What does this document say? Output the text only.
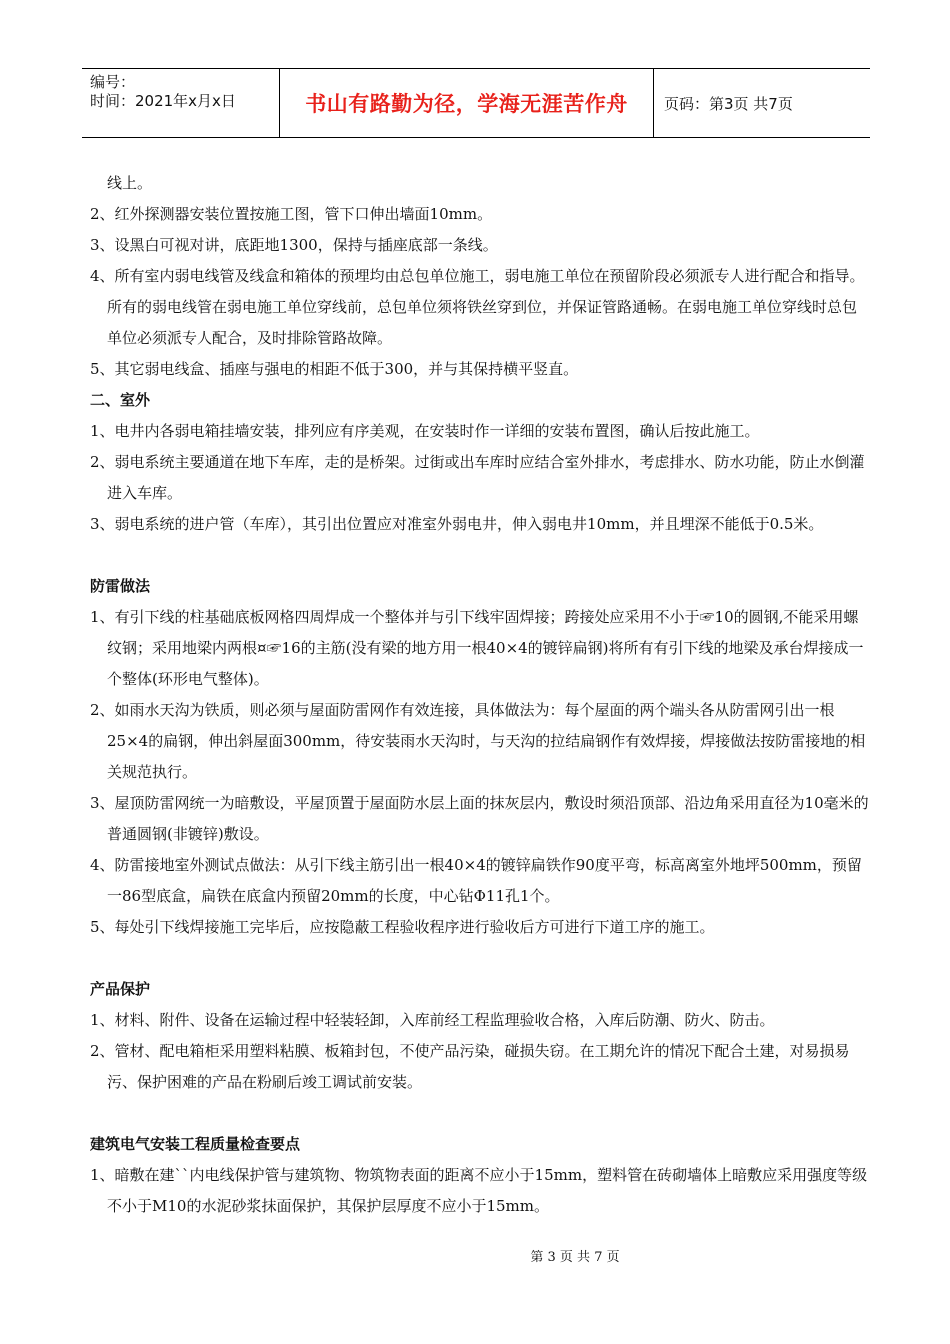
编号：
时间：2021年x月x日	书山有路勤为径，学海无涯苦作舟	页码：第3页 共7页
线上。
2、红外探测器安装位置按施工图，管下口伸出墙面10mm。
3、设黑白可视对讲，底距地1300，保持与插座底部一条线。
4、所有室内弱电线管及线盒和箱体的预埋均由总包单位施工，弱电施工单位在预留阶段必须派专人进行配合和指导。所有的弱电线管在弱电施工单位穿线前，总包单位须将铁丝穿到位，并保证管路通畅。在弱电施工单位穿线时总包单位必须派专人配合，及时排除管路故障。
5、其它弱电线盒、插座与强电的相距不低于300，并与其保持横平竖直。
二、室外
1、电井内各弱电箱挂墙安装，排列应有序美观，在安装时作一详细的安装布置图，确认后按此施工。
2、弱电系统主要通道在地下车库，走的是桥架。过街或出车库时应结合室外排水，考虑排水、防水功能，防止水倒灌进入车库。
3、弱电系统的进户管（车库），其引出位置应对准室外弱电井，伸入弱电井10mm，并且埋深不能低于0.5米。
防雷做法
1、有引下线的柱基础底板网格四周焊成一个整体并与引下线牢固焊接；跨接处应采用不小于☞10的圆钢,不能采用螺纹钢；采用地梁内两根¤☞16的主筋(没有梁的地方用一根40×4的镀锌扁钢)将所有有引下线的地梁及承台焊接成一个整体(环形电气整体)。
2、如雨水天沟为铁质，则必须与屋面防雷网作有效连接，具体做法为：每个屋面的两个端头各从防雷网引出一根25×4的扁钢，伸出斜屋面300mm，待安装雨水天沟时，与天沟的拉结扁钢作有效焊接，焊接做法按防雷接地的相关规范执行。
3、屋顶防雷网统一为暗敷设，平屋顶置于屋面防水层上面的抹灰层内，敷设时须沿顶部、沿边角采用直径为10毫米的普通圆钢(非镀锌)敷设。
4、防雷接地室外测试点做法：从引下线主筋引出一根40×4的镀锌扁铁作90度平弯，标高离室外地坪500mm，预留一86型底盒，扁铁在底盒内预留20mm的长度，中心钻Φ11孔1个。
5、每处引下线焊接施工完毕后，应按隐蔽工程验收程序进行验收后方可进行下道工序的施工。
产品保护
1、材料、附件、设备在运输过程中轻装轻卸，入库前经工程监理验收合格，入库后防潮、防火、防击。
2、管材、配电箱柜采用塑料粘膜、板箱封包，不使产品污染，碰损失窃。在工期允许的情况下配合土建，对易损易污、保护困难的产品在粉刷后竣工调试前安装。
建筑电气安装工程质量检查要点
1、暗敷在建``内电线保护管与建筑物、物筑物表面的距离不应小于15mm，塑料管在砖砌墙体上暗敷应采用强度等级不小于M10的水泥砂浆抹面保护，其保护层厚度不应小于15mm。
第 3 页 共 7 页
